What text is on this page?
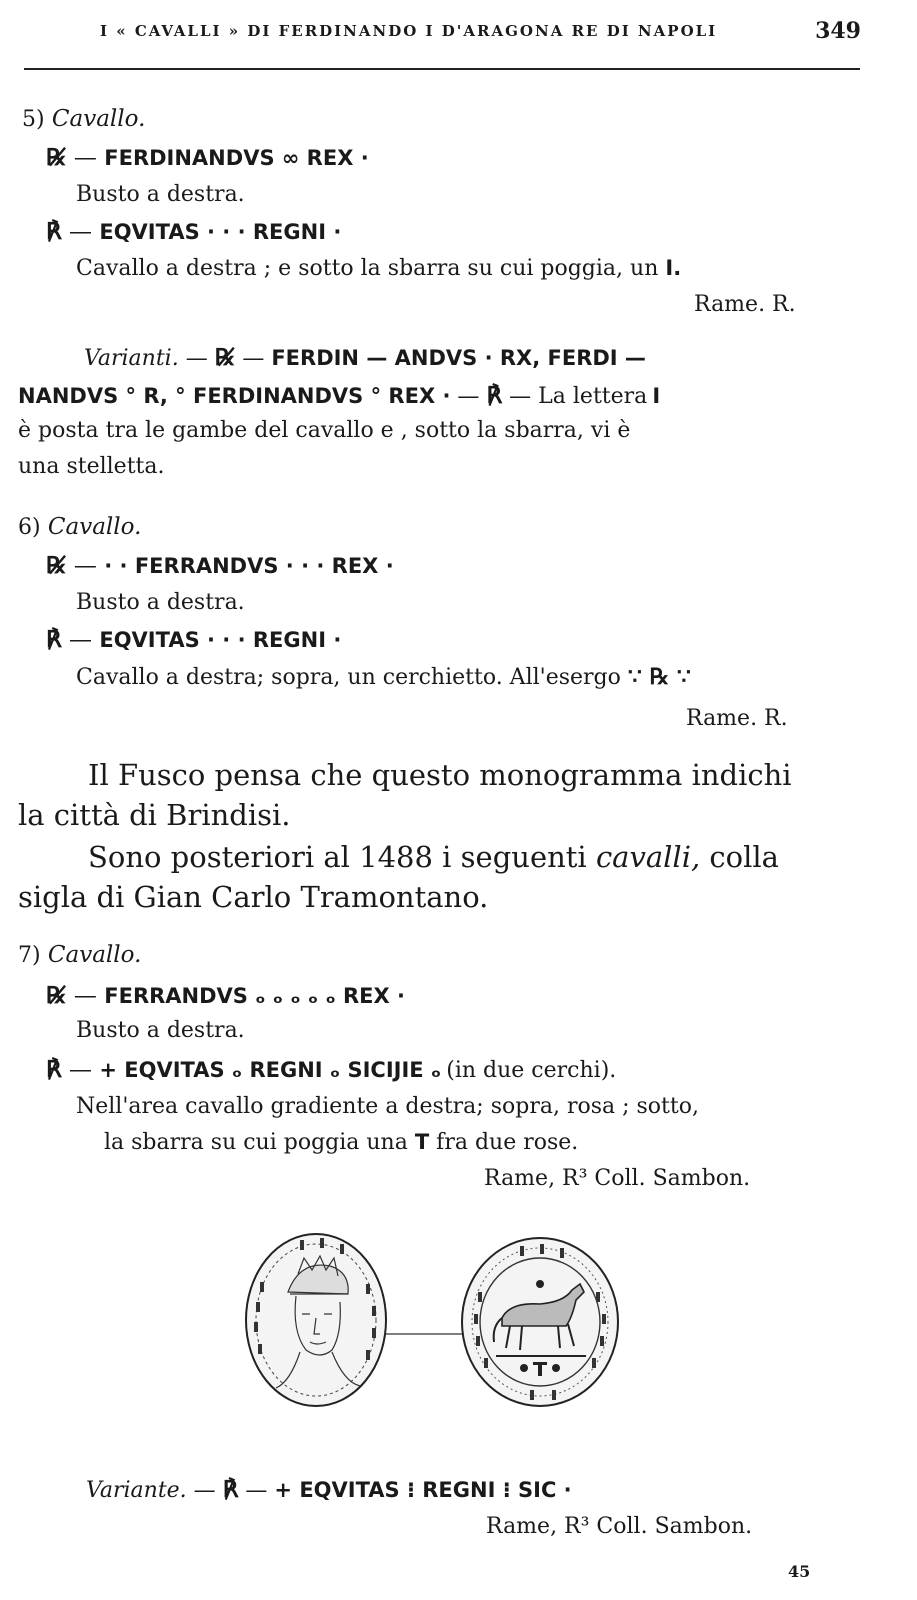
I « CAVALLI » DI FERDINANDO I D'ARAGONA RE DI NAPOLI	349
5) Cavallo.
℞̸ — FERDINANDVS ∞ REX ·
Busto a destra.
℟ — EQVITAS · · · REGNI ·
Cavallo a destra ; e sotto la sbarra su cui poggia, un I.
Rame. R.
Varianti. — ℞̸ — FERDIN — ANDVS · RX, FERDI —
NANDVS ° R, ° FERDINANDVS ° REX · — ℟ — La lettera I
è posta tra le gambe del cavallo e , sotto la sbarra, vi è
una stelletta.
6) Cavallo.
℞̸ — · · FERRANDVS · · · REX ·
Busto a destra.
℟ — EQVITAS · · · REGNI ·
Cavallo a destra; sopra, un cerchietto. All'esergo ∵ ℞ ∵
Rame. R.
Il Fusco pensa che questo monogramma indichi
la città di Brindisi.
Sono posteriori al 1488 i seguenti cavalli, colla
sigla di Gian Carlo Tramontano.
7) Cavallo.
℞̸ — FERRANDVS ₒ ₒ ₒ ₒ ₒ REX ·
Busto a destra.
℟ — + EQVITAS ₒ REGNI ₒ SICIJIE ₒ (in due cerchi).
Nell'area cavallo gradiente a destra; sopra, rosa ; sotto,
la sbarra su cui poggia una T fra due rose.
Rame, R³ Coll. Sambon.
Variante. — ℟ — + EQVITAS ⁝ REGNI ⁝ SIC ·
Rame, R³ Coll. Sambon.
45
